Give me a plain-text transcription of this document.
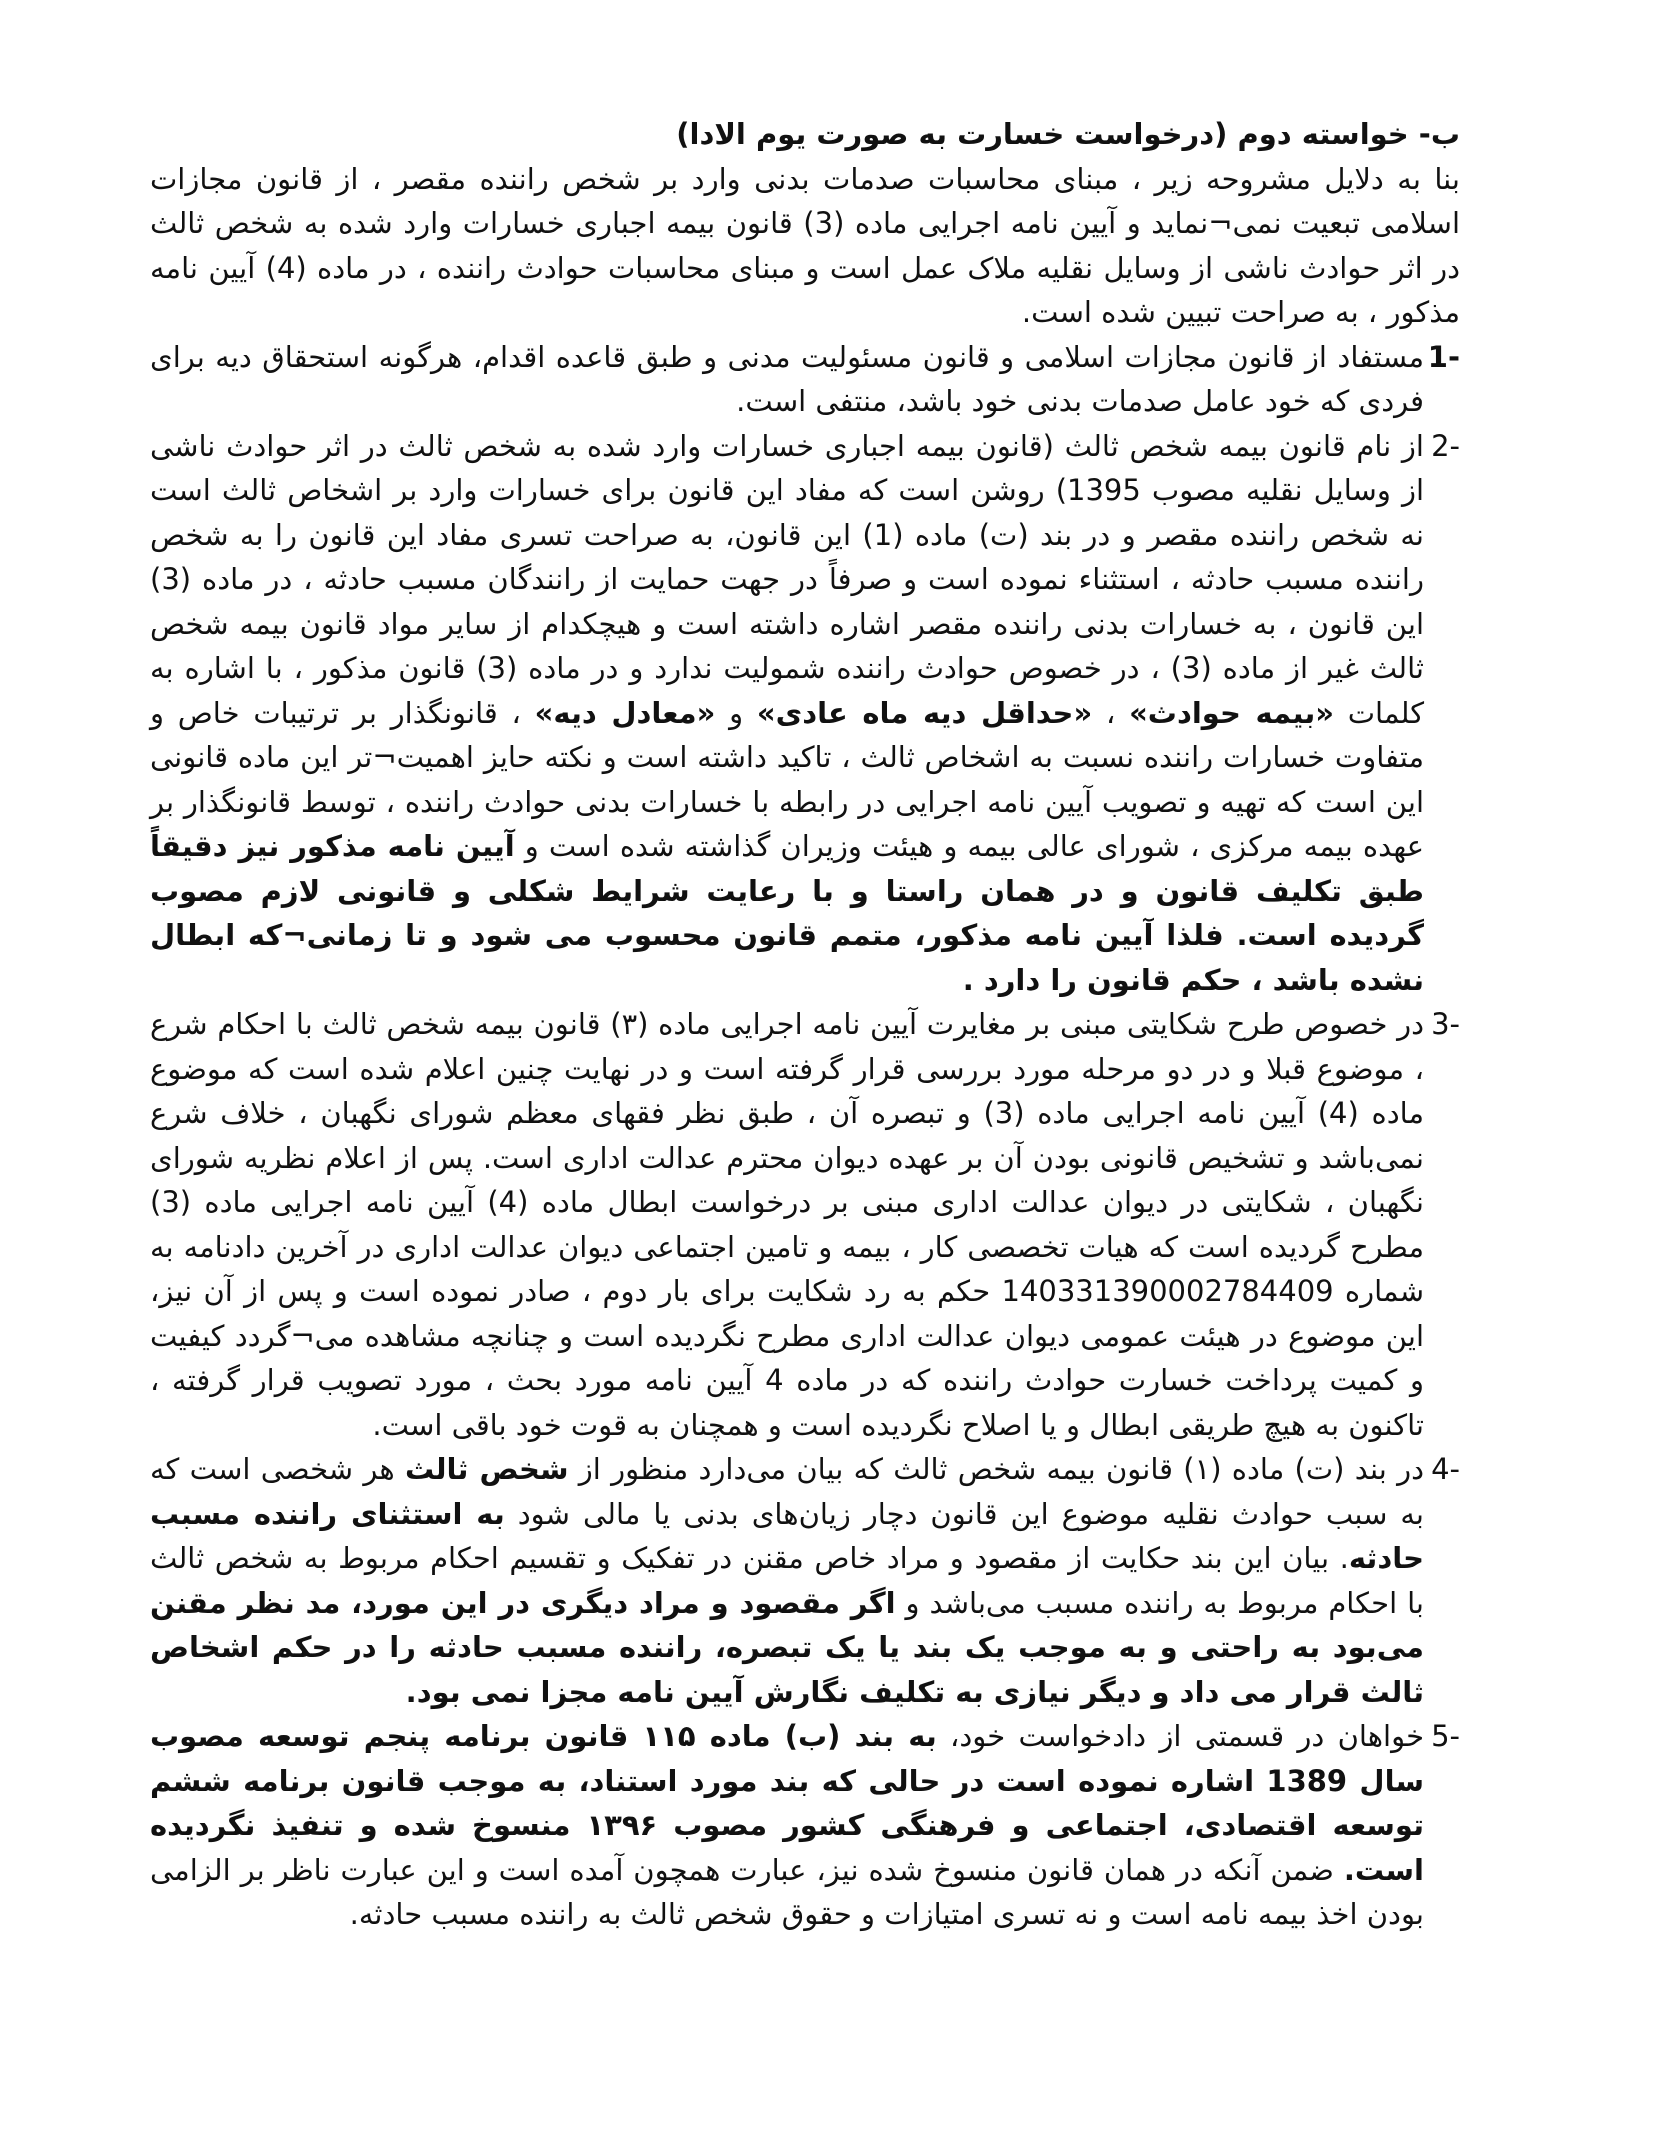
ب- خواسته دوم (درخواست خسارت به صورت یوم الادا)

بنا به دلایل مشروحه زیر ، مبنای محاسبات صدمات بدنی وارد بر شخص راننده مقصر ، از قانون مجازات اسلامی تبعیت نمی¬نماید و آیین نامه اجرایی ماده (3) قانون بیمه اجباری خسارات وارد شده به شخص ثالث در اثر حوادث ناشی از وسایل نقلیه ملاک عمل است و مبنای محاسبات حوادث راننده ، در ماده (4) آیین نامه مذکور ، به صراحت تبیین شده است.

-1
مستفاد از قانون مجازات اسلامی و قانون مسئولیت مدنی و طبق قاعده اقدام، هرگونه استحقاق دیه برای فردی که خود عامل صدمات بدنی خود باشد، منتفی است.
-2
از نام قانون بیمه شخص ثالث (قانون بیمه اجباری خسارات وارد شده به شخص ثالث در اثر حوادث ناشی از وسایل نقلیه مصوب 1395) روشن است که مفاد این قانون برای خسارات وارد بر اشخاص ثالث است نه شخص راننده مقصر و در بند (ت) ماده (1) این قانون، به صراحت تسری مفاد این قانون را به شخص راننده مسبب حادثه ، استثناء نموده است و صرفاً در جهت حمایت از رانندگان مسبب حادثه ، در ماده (3) این قانون ، به خسارات بدنی راننده مقصر اشاره داشته است و هیچکدام از سایر مواد قانون بیمه شخص ثالث غیر از ماده (3) ، در خصوص حوادث راننده شمولیت ندارد و در ماده (3) قانون مذکور ، با اشاره به کلمات «بیمه حوادث» ، «حداقل دیه ماه عادی» و «معادل دیه» ، قانونگذار بر ترتیبات خاص و متفاوت خسارات راننده نسبت به اشخاص ثالث ، تاکید داشته است و نکته حایز اهمیت¬تر این ماده قانونی این است که تهیه و تصویب آیین نامه اجرایی در رابطه با خسارات بدنی حوادث راننده ، توسط قانونگذار بر عهده بیمه مرکزی ، شورای عالی بیمه و هیئت وزیران گذاشته شده است و آیین نامه مذکور نیز دقیقاً طبق تکلیف قانون و در همان راستا و با رعایت شرایط شکلی و قانونی لازم مصوب گردیده است. فلذا آیین نامه مذکور، متمم قانون محسوب می شود و تا زمانی¬که ابطال نشده باشد ، حکم قانون را دارد .
-3
در خصوص طرح شکایتی مبنی بر مغایرت آیین نامه اجرایی ماده (۳) قانون بیمه شخص ثالث با احکام شرع ، موضوع قبلا و در دو مرحله مورد بررسی قرار گرفته است و در نهایت چنین اعلام شده است که موضوع ماده (4) آیین نامه اجرایی ماده (3) و تبصره آن ، طبق نظر فقهای معظم شورای نگهبان ، خلاف شرع نمی‌باشد و تشخیص قانونی بودن آن بر عهده دیوان محترم عدالت اداری است. پس از اعلام نظریه شورای نگهبان ، شکایتی در دیوان عدالت اداری مبنی بر درخواست ابطال ماده (4) آیین نامه اجرایی ماده (3) مطرح گردیده است که هیات تخصصی کار ، بیمه و تامین اجتماعی دیوان عدالت اداری در آخرین دادنامه به شماره 140331390002784409 حکم به رد شکایت برای بار دوم ، صادر نموده است و پس از آن نیز، این موضوع در هیئت عمومی دیوان عدالت اداری مطرح نگردیده است و چنانچه مشاهده می¬گردد کیفیت و کمیت پرداخت خسارت حوادث راننده که در ماده 4 آیین نامه مورد بحث ، مورد تصویب قرار گرفته ، تاکنون به هیچ طریقی ابطال و یا اصلاح نگردیده است و همچنان به قوت خود باقی است.
-4
در بند (ت) ماده (۱) قانون بیمه شخص ثالث که بیان می‌دارد منظور از شخص ثالث هر شخصی است که به سبب حوادث نقلیه موضوع این قانون دچار زیان‌های بدنی یا مالی شود به استثنای راننده مسبب حادثه. بیان این بند حکایت از مقصود و مراد خاص مقنن در تفکیک و تقسیم احکام مربوط به شخص ثالث با احکام مربوط به راننده مسبب می‌باشد و اگر مقصود و مراد دیگری در این مورد، مد نظر مقنن می‌بود به راحتی و به موجب یک بند یا یک تبصره، راننده مسبب حادثه را در حکم اشخاص ثالث قرار می داد و دیگر نیازی به تکلیف نگارش آیین نامه مجزا نمی بود.
-5
خواهان در قسمتی از دادخواست خود، به بند (ب) ماده ۱۱۵ قانون برنامه پنجم توسعه مصوب سال 1389 اشاره نموده است در حالی که بند مورد استناد، به موجب قانون برنامه ششم توسعه اقتصادی، اجتماعی و فرهنگی کشور مصوب ۱۳۹۶ منسوخ شده و تنفیذ نگردیده است. ضمن آنکه در همان قانون منسوخ شده نیز، عبارت همچون آمده است و این عبارت ناظر بر الزامی بودن اخذ بیمه نامه است و نه تسری امتیازات و حقوق شخص ثالث به راننده مسبب حادثه.
